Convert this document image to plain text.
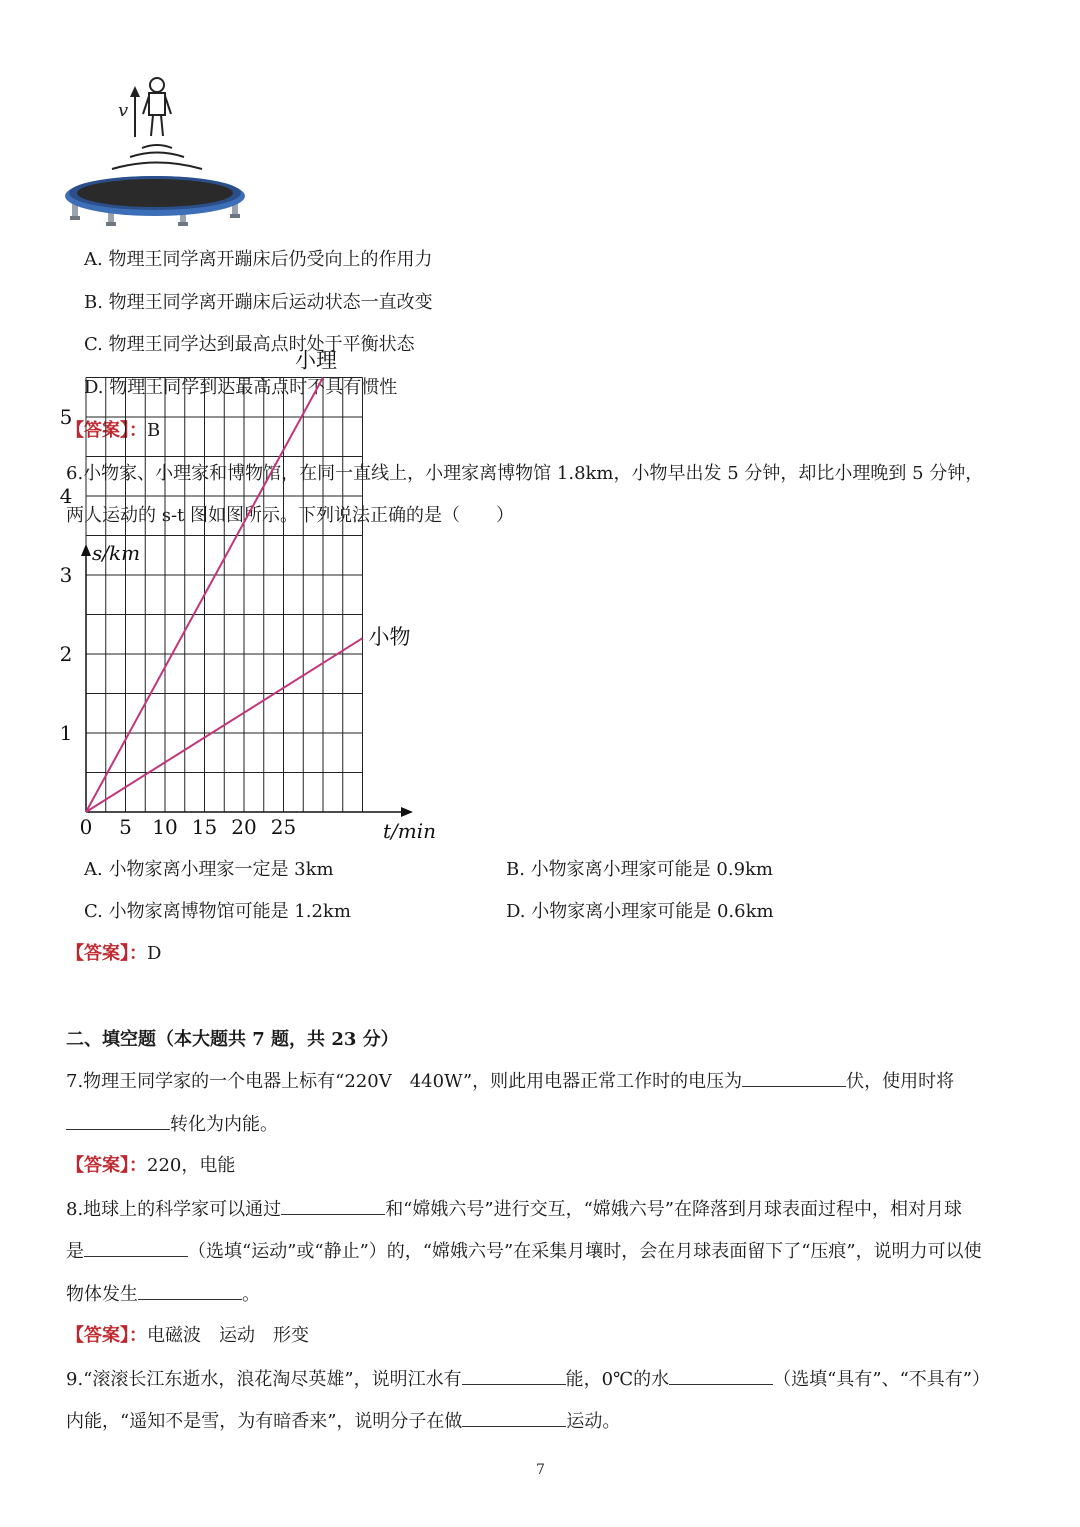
v
A. 物理王同学离开蹦床后仍受向上的作用力
B. 物理王同学离开蹦床后运动状态一直改变
C. 物理王同学达到最高点时处于平衡状态
D. 物理王同学到达最高点时不具有惯性
【答案】：B
6.小物家、小理家和博物馆，在同一直线上，小理家离博物馆 1.8km，小物早出发 5 分钟，却比小理晚到 5 分钟，
两人运动的 s-t 图如图所示。下列说法正确的是（　　）
s/km
t/min
0 5 10 15 20 25
1
2
3
4
5
小理
小物
A. 小物家离小理家一定是 3km	B. 小物家离小理家可能是 0.9km
C. 小物家离博物馆可能是 1.2km	D. 小物家离小理家可能是 0.6km
【答案】：D
二、填空题（本大题共 7 题，共 23 分）
7.物理王同学家的一个电器上标有“220V　440W”，则此用电器正常工作时的电压为	伏，使用时将
转化为内能。
【答案】：220，电能
8.地球上的科学家可以通过	和“嫦娥六号”进行交互，“嫦娥六号”在降落到月球表面过程中，相对月球
是	（选填“运动”或“静止”）的，“嫦娥六号”在采集月壤时，会在月球表面留下了“压痕”，说明力可以使
物体发生	。
【答案】：电磁波　运动　形变
9.“滚滚长江东逝水，浪花淘尽英雄”，说明江水有	能，0℃的水	（选填“具有”、“不具有”）
内能，“遥知不是雪，为有暗香来”，说明分子在做	运动。
7
